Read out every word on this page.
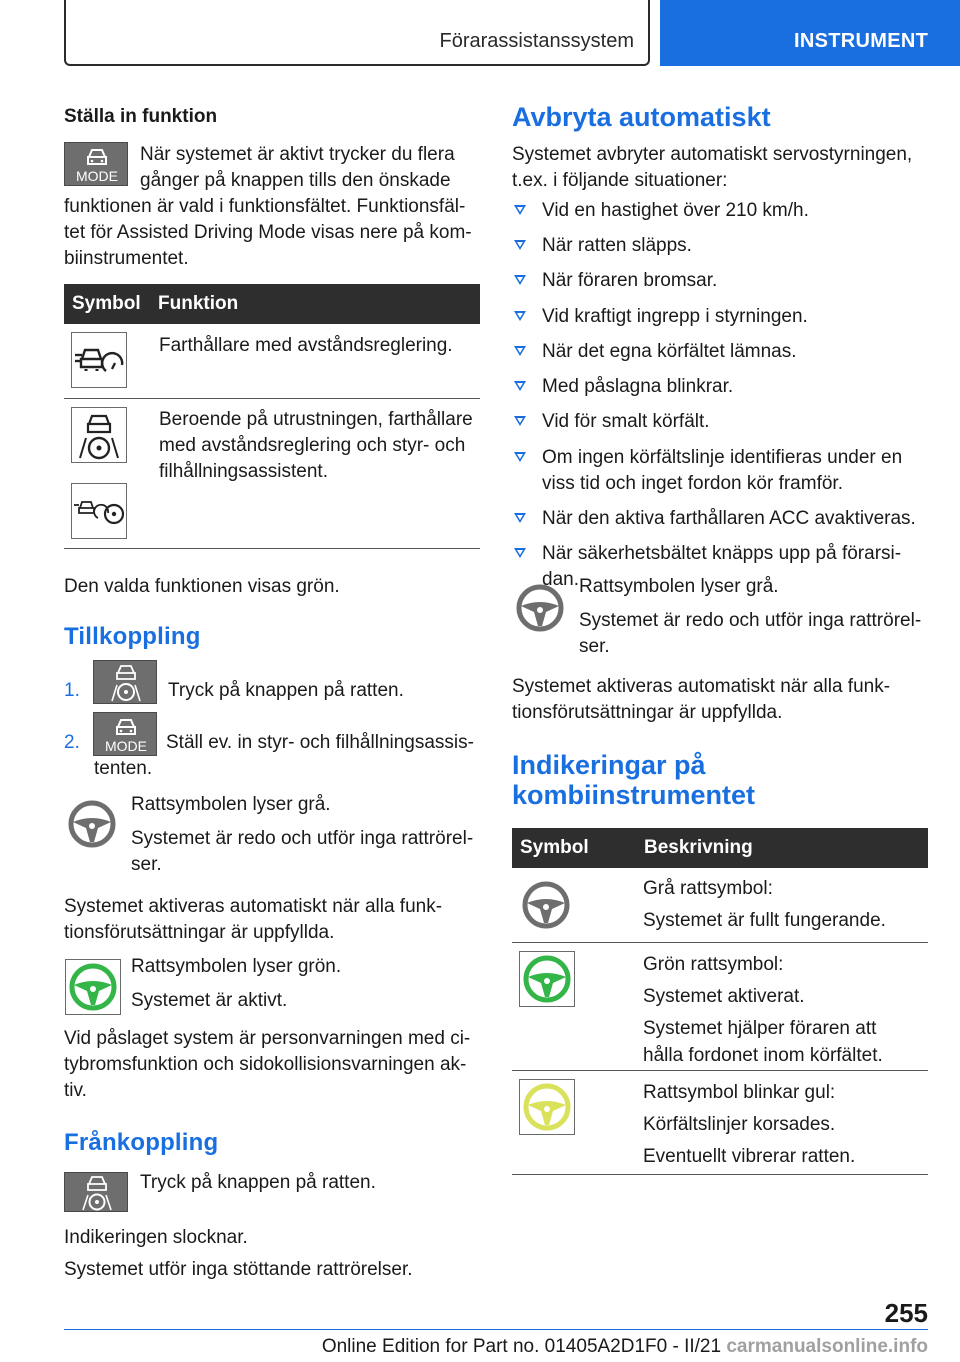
Förarassistanssystem	INSTRUMENT
Ställa in funktion
MODE
När systemet är aktivt trycker du flera
gånger på knappen tills den önskade
funktionen är vald i funktionsfältet. Funktionsfäl-
tet för Assisted Driving Mode visas nere på kom-
biinstrumentet.
Symbol Funktion
Farthållare med avståndsreglering.
Beroende på utrustningen, farthållare
med avståndsreglering och styr- och
filhållningsassistent.
Den valda funktionen visas grön.
Tillkoppling
1.	Tryck på knappen på ratten.
MODE
2.	Ställ ev. in styr- och filhållningsassis-
tenten.
Rattsymbolen lyser grå.
Systemet är redo och utför inga rattrörel-
ser.
Systemet aktiveras automatiskt när alla funk-
tionsförutsättningar är uppfyllda.
Rattsymbolen lyser grön.
Systemet är aktivt.
Vid påslaget system är personvarningen med ci-
tybromsfunktion och sidokollisionsvarningen ak-
tiv.
Frånkoppling
Tryck på knappen på ratten.
Indikeringen slocknar.
Systemet utför inga stöttande rattrörelser.
Avbryta automatiskt
Systemet avbryter automatiskt servostyrningen,
t.ex. i följande situationer:
Vid en hastighet över 210 km/h.
När ratten släpps.
När föraren bromsar.
Vid kraftigt ingrepp i styrningen.
När det egna körfältet lämnas.
Med påslagna blinkrar.
Vid för smalt körfält.
Om ingen körfältslinje identifieras under en
viss tid och inget fordon kör framför.
När den aktiva farthållaren ACC avaktiveras.
När säkerhetsbältet knäpps upp på förarsi-
dan. Rattsymbolen lyser grå.
Systemet är redo och utför inga rattrörel-
ser.
Systemet aktiveras automatiskt när alla funk-
tionsförutsättningar är uppfyllda.
Indikeringar på
kombiinstrumentet
Symbol	Beskrivning
Grå rattsymbol:
Systemet är fullt fungerande.
Grön rattsymbol:
Systemet aktiverat.
Systemet hjälper föraren att
hålla fordonet inom körfältet.
Rattsymbol blinkar gul:
Körfältslinjer korsades.
Eventuellt vibrerar ratten.
255
Online Edition for Part no. 01405A2D1F0 - II/21 carmanualsonline.info
